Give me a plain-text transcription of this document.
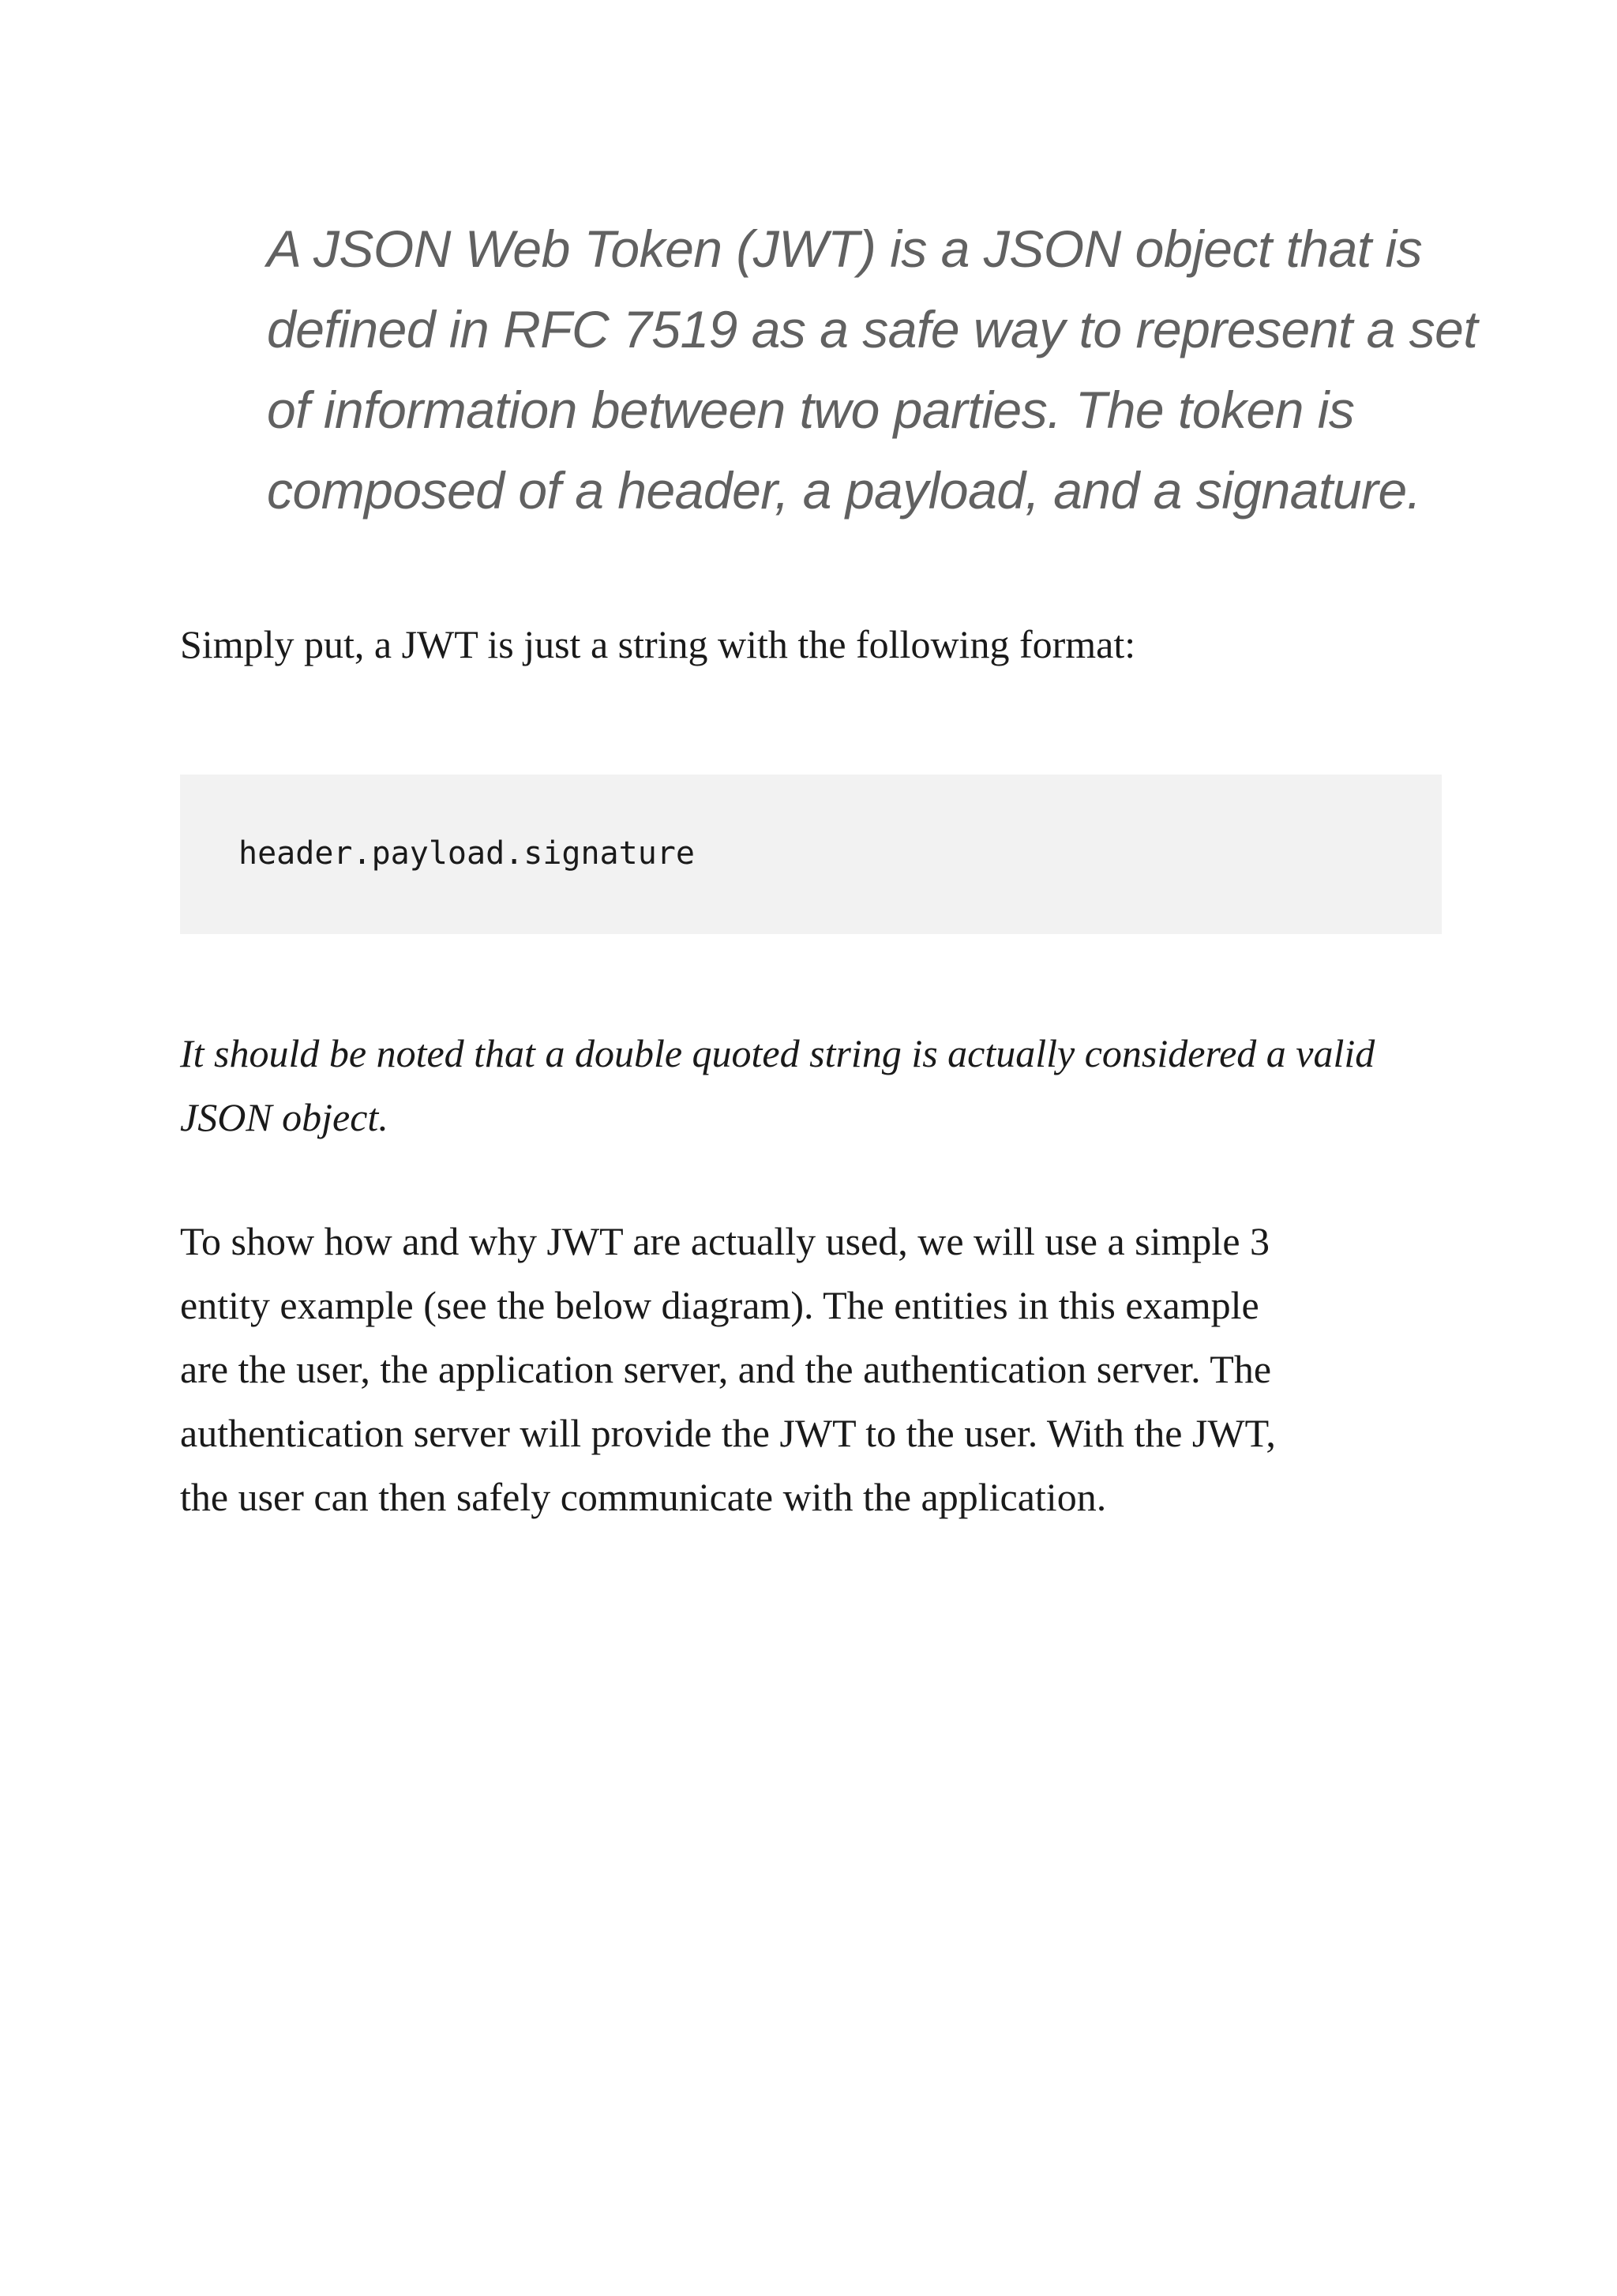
A JSON Web Token (JWT) is a JSON object that is
defined in RFC 7519 as a safe way to represent a set
of information between two parties. The token is
composed of a header, a payload, and a signature.

Simply put, a JWT is just a string with the following format:

header.payload.signature

It should be noted that a double quoted string is actually considered a valid
JSON object.

To show how and why JWT are actually used, we will use a simple 3
entity example (see the below diagram). The entities in this example
are the user, the application server, and the authentication server. The
authentication server will provide the JWT to the user. With the JWT,
the user can then safely communicate with the application.
